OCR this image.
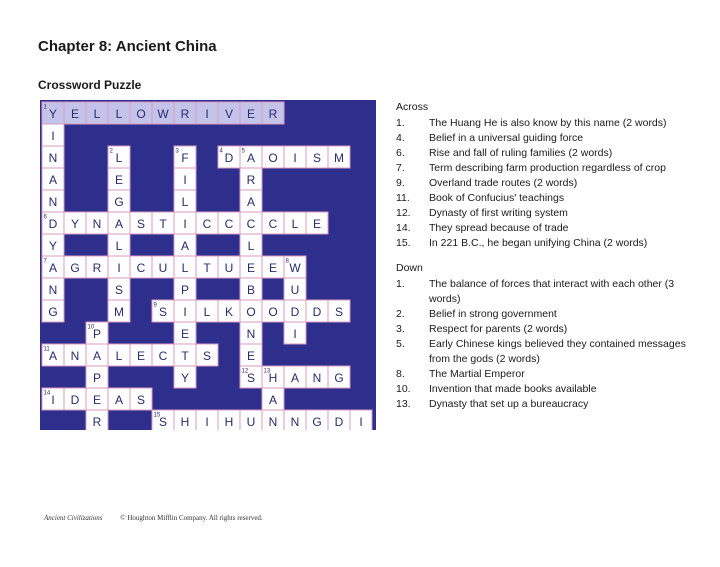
Chapter 8: Ancient China
Crossword Puzzle
Y
1 E L L O W R I V E R
I
N
A
N
D
6
Y
A
7
N
G
L
2
E
G
A
L
I
S
M
F
3
I
L
I
A
L
P
I
E
T
Y
D
4 A
5 O I S M
R
A
C
L
E
B
O
N
E
S
12
Y N	S T	C C	C L E
G R	C U	T U	E W
8
U
D
I
S
9	L K	O	D S
P
10
A
P
E
R
A
11 N	L E C	S
H
13 A N G
A
N
I
14 D	A S
S
15 H I H U	N G D I
Across
1.	The Huang He is also know by this name (2 words)
4.	Belief in a universal guiding force
6.	Rise and fall of ruling families (2 words)
7.	Term describing farm production regardless of crop
9.	Overland trade routes (2 words)
11.	Book of Confucius' teachings
12.	Dynasty of first writing system
14.	They spread because of trade
15.	In 221 B.C., he began unifying China (2 words)
Down
1.	The balance of forces that interact with each other (3 words)
2.	Belief in strong government
3.	Respect for parents (2 words)
5.	Early Chinese kings believed they contained messages from the gods (2 words)
8.	The Martial Emperor
10.	Invention that made books available
13.	Dynasty that set up a bureaucracy
Ancient Civilizations	© Houghton Mifflin Company. All rights reserved.
